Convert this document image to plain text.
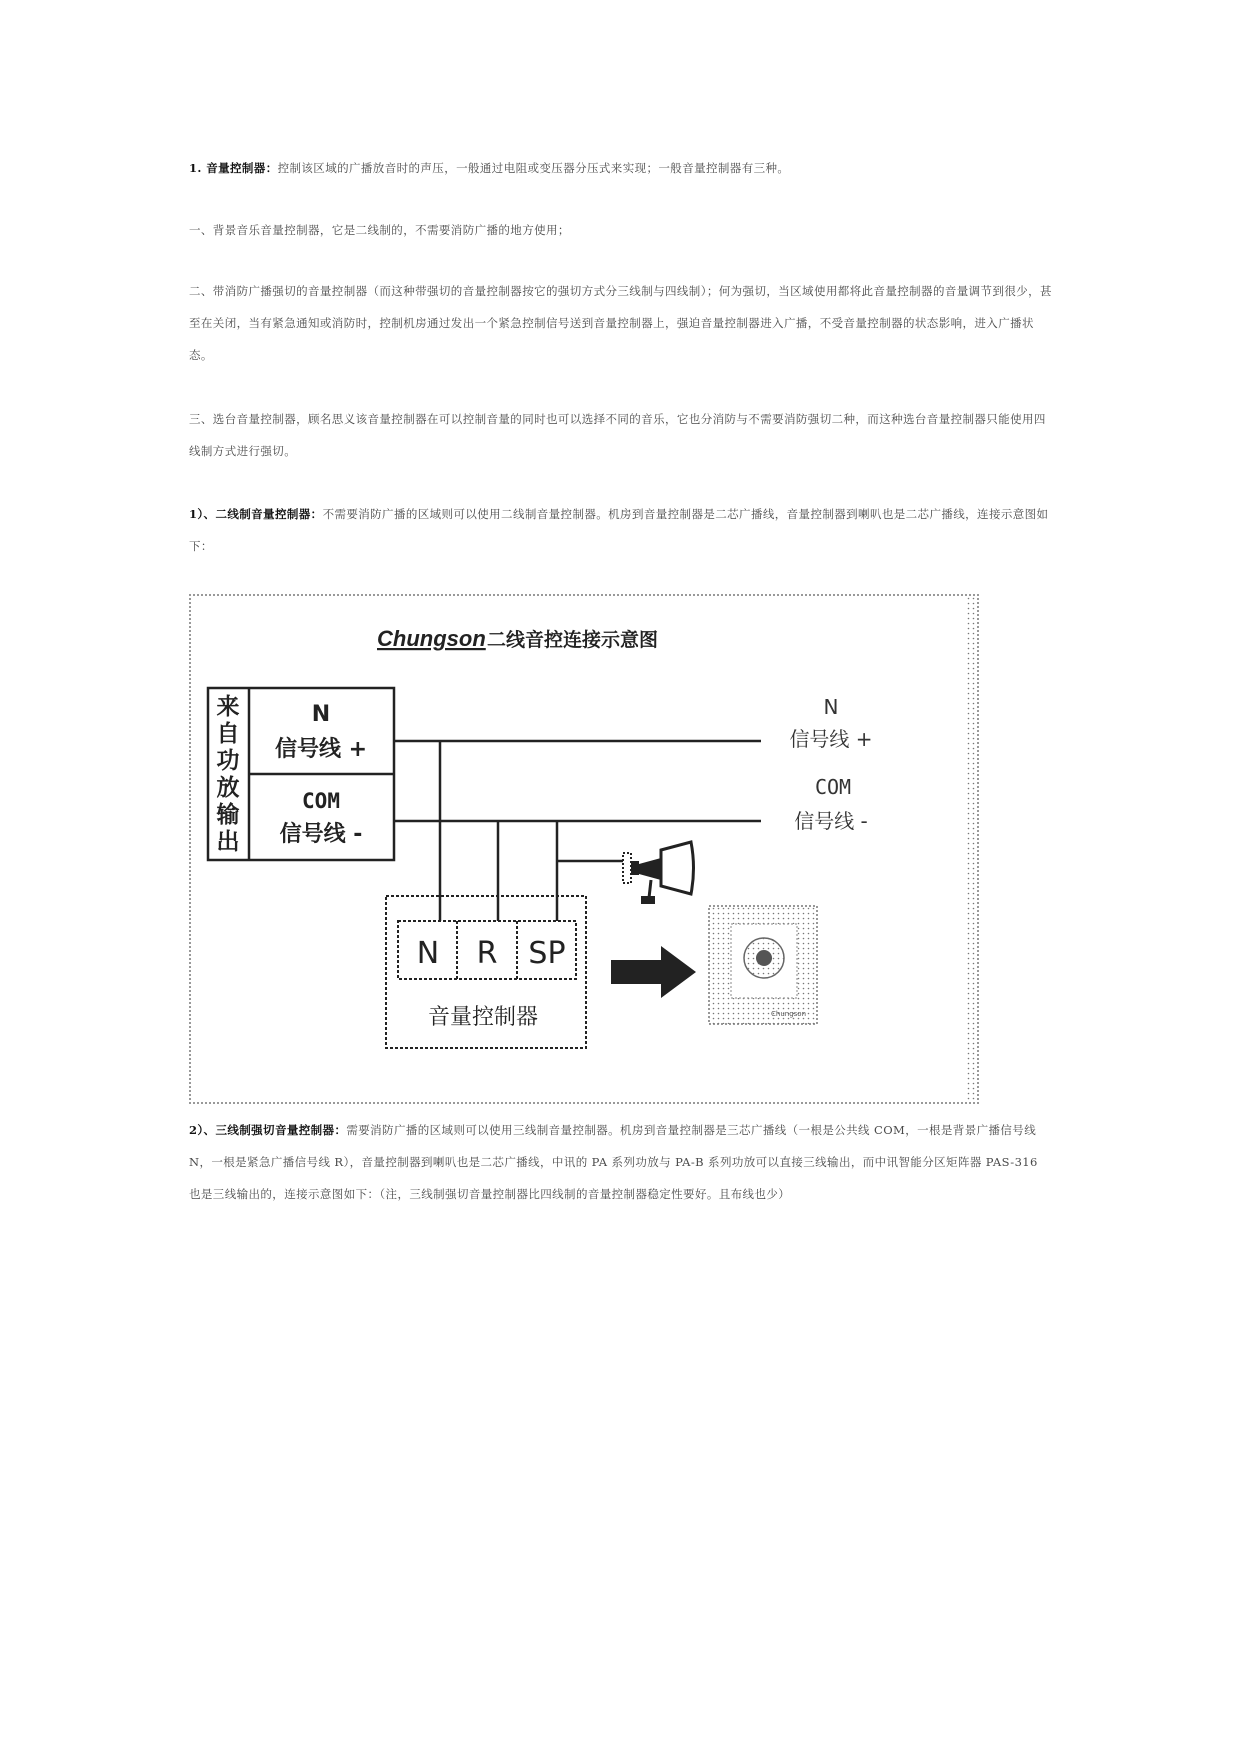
1. 音量控制器：控制该区域的广播放音时的声压，一般通过电阻或变压器分压式来实现；一般音量控制器有三种。
一、背景音乐音量控制器，它是二线制的，不需要消防广播的地方使用；
二、带消防广播强切的音量控制器（而这种带强切的音量控制器按它的强切方式分三线制与四线制）；何为强切，当区域使用都将此音量控制器的音量调节到很少，甚至在关闭，当有紧急通知或消防时，控制机房通过发出一个紧急控制信号送到音量控制器上，强迫音量控制器进入广播，不受音量控制器的状态影响，进入广播状态。
三、选台音量控制器，顾名思义该音量控制器在可以控制音量的同时也可以选择不同的音乐，它也分消防与不需要消防强切二种，而这种选台音量控制器只能使用四线制方式进行强切。
1）、二线制音量控制器：不需要消防广播的区域则可以使用二线制音量控制器。机房到音量控制器是二芯广播线，音量控制器到喇叭也是二芯广播线，连接示意图如下：
Chungson 二线音控连接示意图
来
自
功
放
输
出
N
信号线 +
COM
信号线 -
N
信号线 +
COM
信号线 -
N R SP
音量控制器	Chungson
2）、三线制强切音量控制器：需要消防广播的区域则可以使用三线制音量控制器。机房到音量控制器是三芯广播线（一根是公共线 COM，一根是背景广播信号线 N，一根是紧急广播信号线 R），音量控制器到喇叭也是二芯广播线，中讯的 PA 系列功放与 PA-B 系列功放可以直接三线输出，而中讯智能分区矩阵器 PAS-316 也是三线输出的，连接示意图如下：（注，三线制强切音量控制器比四线制的音量控制器稳定性要好。且布线也少）
